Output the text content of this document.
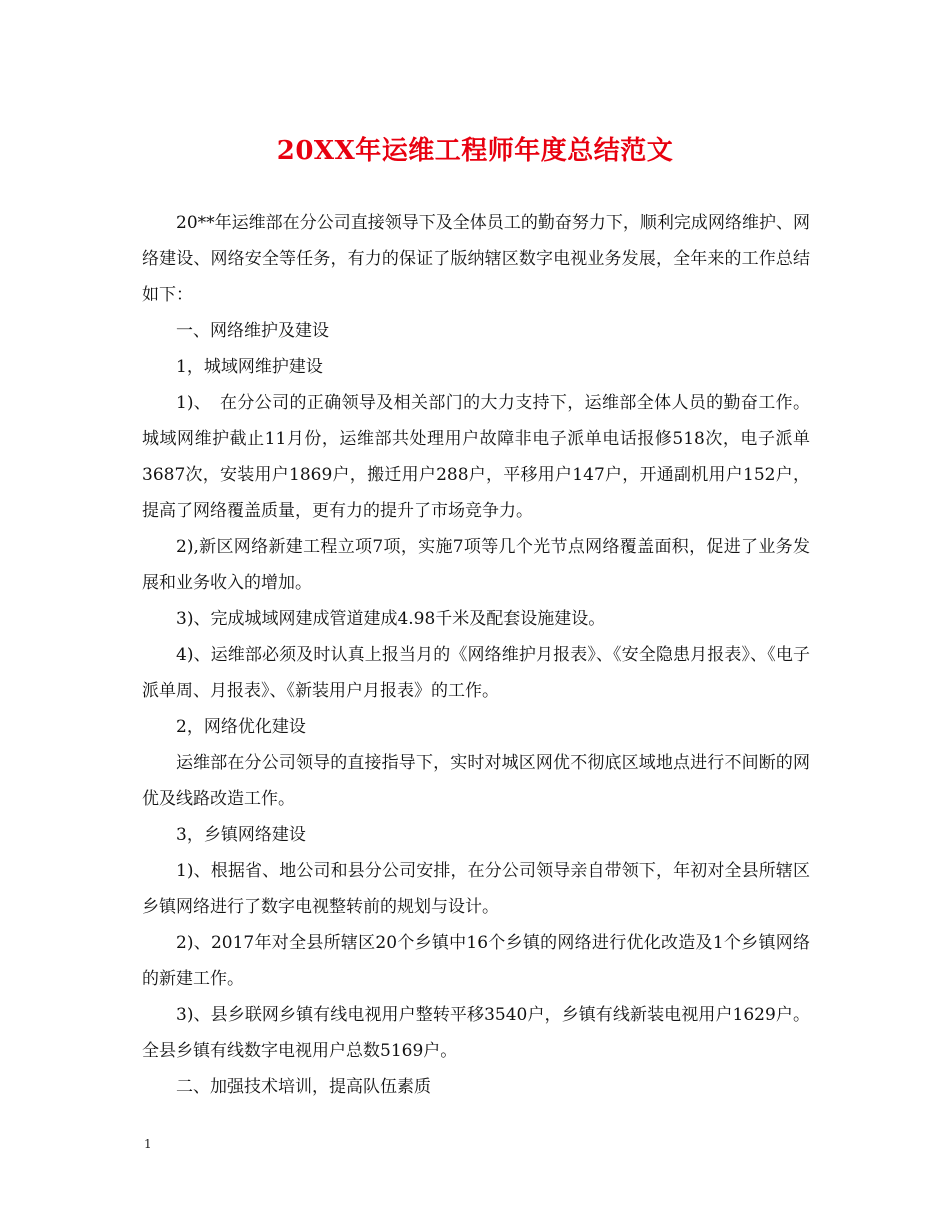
20XX年运维工程师年度总结范文

20**年运维部在分公司直接领导下及全体员工的勤奋努力下，顺利完成网络维护、网络建设、网络安全等任务，有力的保证了版纳辖区数字电视业务发展，全年来的工作总结如下：

一、网络维护及建设

1，城域网维护建设

1)、　在分公司的正确领导及相关部门的大力支持下，运维部全体人员的勤奋工作。城域网维护截止11月份，运维部共处理用户故障非电子派单电话报修518次，电子派单3687次，安装用户1869户，搬迁用户288户，平移用户147户，开通副机用户152户，提高了网络覆盖质量，更有力的提升了市场竞争力。

2),新区网络新建工程立项7项，实施7项等几个光节点网络覆盖面积，促进了业务发展和业务收入的增加。

3)、完成城域网建成管道建成4.98千米及配套设施建设。

4)、运维部必须及时认真上报当月的《网络维护月报表》、《安全隐患月报表》、《电子派单周、月报表》、《新装用户月报表》的工作。

2，网络优化建设

运维部在分公司领导的直接指导下，实时对城区网优不彻底区域地点进行不间断的网优及线路改造工作。

3，乡镇网络建设

1)、根据省、地公司和县分公司安排，在分公司领导亲自带领下，年初对全县所辖区乡镇网络进行了数字电视整转前的规划与设计。

2)、2017年对全县所辖区20个乡镇中16个乡镇的网络进行优化改造及1个乡镇网络的新建工作。

3)、县乡联网乡镇有线电视用户整转平移3540户，乡镇有线新装电视用户1629户。全县乡镇有线数字电视用户总数5169户。

二、加强技术培训，提高队伍素质

1
